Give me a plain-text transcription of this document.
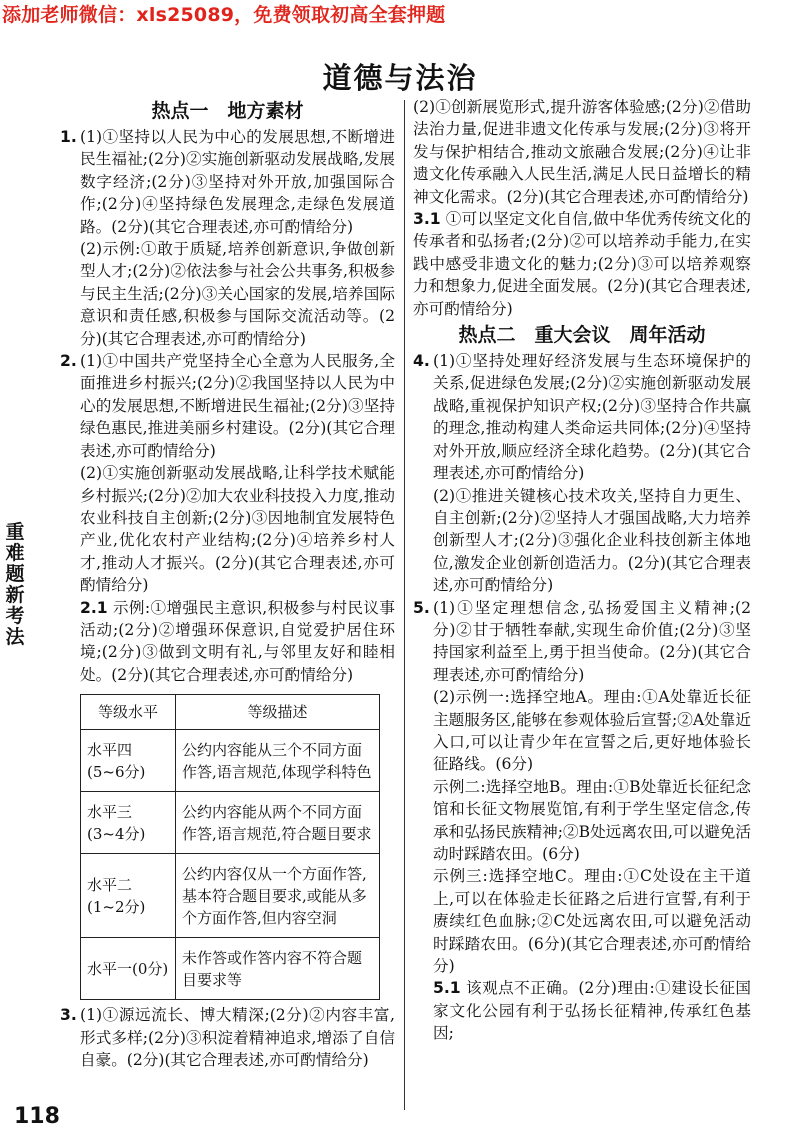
添加老师微信：xls25089，免费领取初高全套押题
道德与法治

热点一　地方素材

1. (1)①坚持以人民为中心的发展思想,不断增进民生福祉;(2分)②实施创新驱动发展战略,发展数字经济;(2分)③坚持对外开放,加强国际合作;(2分)④坚持绿色发展理念,走绿色发展道路。(2分)(其它合理表述,亦可酌情给分)

(2)示例:①敢于质疑,培养创新意识,争做创新型人才;(2分)②依法参与社会公共事务,积极参与民主生活;(2分)③关心国家的发展,培养国际意识和责任感,积极参与国际交流活动等。(2分)(其它合理表述,亦可酌情给分)

2. (1)①中国共产党坚持全心全意为人民服务,全面推进乡村振兴;(2分)②我国坚持以人民为中心的发展思想,不断增进民生福祉;(2分)③坚持绿色惠民,推进美丽乡村建设。(2分)(其它合理表述,亦可酌情给分)

(2)①实施创新驱动发展战略,让科学技术赋能乡村振兴;(2分)②加大农业科技投入力度,推动农业科技自主创新;(2分)③因地制宜发展特色产业,优化农村产业结构;(2分)④培养乡村人才,推动人才振兴。(2分)(其它合理表述,亦可酌情给分)

2.1 示例:①增强民主意识,积极参与村民议事活动;(2分)②增强环保意识,自觉爱护居住环境;(2分)③做到文明有礼,与邻里友好和睦相处。(2分)(其它合理表述,亦可酌情给分)

等级水平	等级描述
水平四(5~6分)	公约内容能从三个不同方面作答,语言规范,体现学科特色
水平三(3~4分)	公约内容能从两个不同方面作答,语言规范,符合题目要求
水平二(1~2分)	公约内容仅从一个方面作答,基本符合题目要求,或能从多个方面作答,但内容空洞
水平一(0分)	未作答或作答内容不符合题目要求等

3. (1)①源远流长、博大精深;(2分)②内容丰富,形式多样;(2分)③积淀着精神追求,增添了自信自豪。(2分)(其它合理表述,亦可酌情给分)

(2)①创新展览形式,提升游客体验感;(2分)②借助法治力量,促进非遗文化传承与发展;(2分)③将开发与保护相结合,推动文旅融合发展;(2分)④让非遗文化传承融入人民生活,满足人民日益增长的精神文化需求。(2分)(其它合理表述,亦可酌情给分)

3.1 ①可以坚定文化自信,做中华优秀传统文化的传承者和弘扬者;(2分)②可以培养动手能力,在实践中感受非遗文化的魅力;(2分)③可以培养观察力和想象力,促进全面发展。(2分)(其它合理表述,亦可酌情给分)

热点二　重大会议　周年活动

4. (1)①坚持处理好经济发展与生态环境保护的关系,促进绿色发展;(2分)②实施创新驱动发展战略,重视保护知识产权;(2分)③坚持合作共赢的理念,推动构建人类命运共同体;(2分)④坚持对外开放,顺应经济全球化趋势。(2分)(其它合理表述,亦可酌情给分)

(2)①推进关键核心技术攻关,坚持自力更生、自主创新;(2分)②坚持人才强国战略,大力培养创新型人才;(2分)③强化企业科技创新主体地位,激发企业创新创造活力。(2分)(其它合理表述,亦可酌情给分)

5. (1)①坚定理想信念,弘扬爱国主义精神;(2分)②甘于牺牲奉献,实现生命价值;(2分)③坚持国家利益至上,勇于担当使命。(2分)(其它合理表述,亦可酌情给分)

(2)示例一:选择空地A。理由:①A处靠近长征主题服务区,能够在参观体验后宣誓;②A处靠近入口,可以让青少年在宣誓之后,更好地体验长征路线。(6分)

示例二:选择空地B。理由:①B处靠近长征纪念馆和长征文物展览馆,有利于学生坚定信念,传承和弘扬民族精神;②B处远离农田,可以避免活动时踩踏农田。(6分)

示例三:选择空地C。理由:①C处设在主干道上,可以在体验走长征路之后进行宣誓,有利于赓续红色血脉;②C处远离农田,可以避免活动时踩踏农田。(6分)(其它合理表述,亦可酌情给分)

5.1 该观点不正确。(2分)理由:①建设长征国家文化公园有利于弘扬长征精神,传承红色基因;

重难题新考法
118
